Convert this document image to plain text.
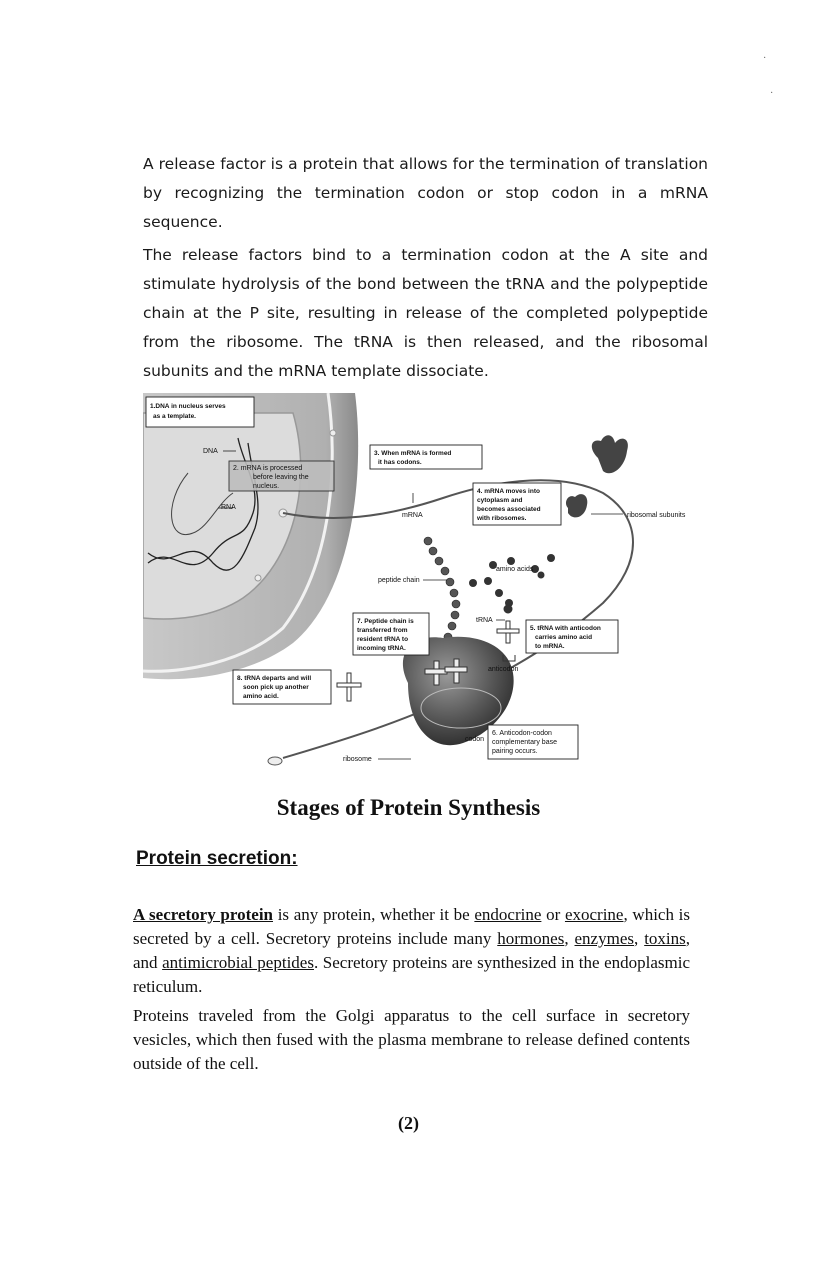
·
·

A release factor is a protein that allows for the termination of translation by recognizing the termination codon or stop codon in a mRNA sequence.

The release factors bind to a termination codon at the A site and stimulate hydrolysis of the bond between the tRNA and the polypeptide chain at the P site, resulting in release of the completed polypeptide from the ribosome. The tRNA is then released, and the ribosomal subunits and the mRNA template dissociate.

1.DNA in nucleus serves
as a template.
2. mRNA is processed
before leaving the
nucleus.
3. When mRNA is formed
it has codons.
4. mRNA moves into
cytoplasm and
becomes associated
with ribosomes.
5. tRNA with anticodon
carries amino acid
to mRNA.
6. Anticodon-codon
complementary base
pairing occurs.
7. Peptide chain is
transferred from
resident tRNA to
incoming tRNA.
8. tRNA departs and will
soon pick up another
amino acid.
DNA
RNA
mRNA	ribosomal subunits
amino acids
peptide chain
tRNA
anticodon
codon
ribosome

Stages of Protein Synthesis

Protein secretion:

A secretory protein is any protein, whether it be endocrine or exocrine, which is secreted by a cell. Secretory proteins include many hormones, enzymes, toxins, and antimicrobial peptides. Secretory proteins are synthesized in the endoplasmic reticulum.

Proteins traveled from the Golgi apparatus to the cell surface in secretory vesicles, which then fused with the plasma membrane to release defined contents outside of the cell.

(2)
